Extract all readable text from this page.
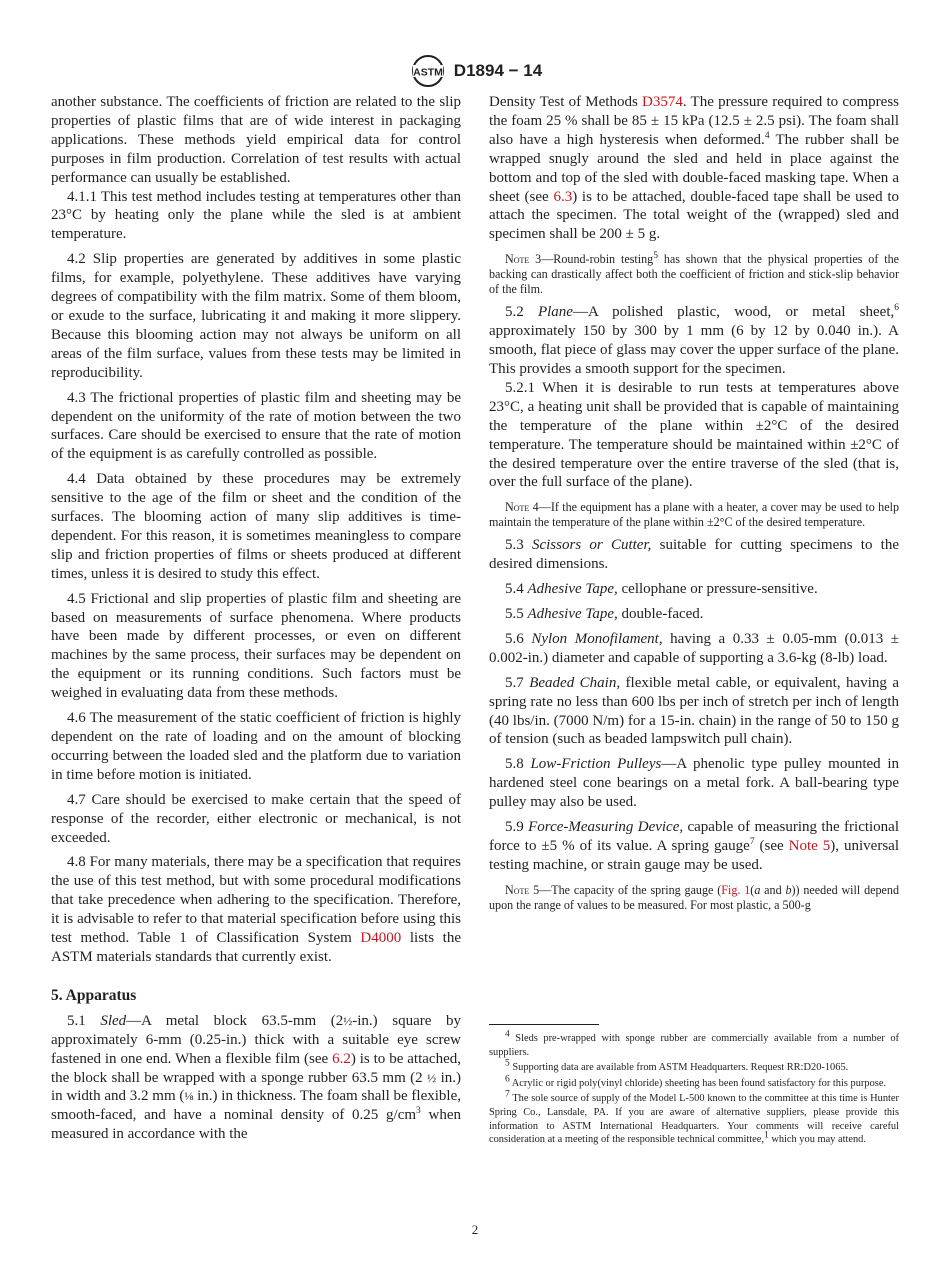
ASTM D1894 − 14

another substance. The coefficients of friction are related to the slip properties of plastic films that are of wide interest in packaging applications. These methods yield empirical data for control purposes in film production. Correlation of test results with actual performance can usually be established.

4.1.1 This test method includes testing at temperatures other than 23°C by heating only the plane while the sled is at ambient temperature.

4.2 Slip properties are generated by additives in some plastic films, for example, polyethylene. These additives have varying degrees of compatibility with the film matrix. Some of them bloom, or exude to the surface, lubricating it and making it more slippery. Because this blooming action may not always be uniform on all areas of the film surface, values from these tests may be limited in reproducibility.

4.3 The frictional properties of plastic film and sheeting may be dependent on the uniformity of the rate of motion between the two surfaces. Care should be exercised to ensure that the rate of motion of the equipment is as carefully controlled as possible.

4.4 Data obtained by these procedures may be extremely sensitive to the age of the film or sheet and the condition of the surfaces. The blooming action of many slip additives is time-dependent. For this reason, it is sometimes meaningless to compare slip and friction properties of films or sheets produced at different times, unless it is desired to study this effect.

4.5 Frictional and slip properties of plastic film and sheeting are based on measurements of surface phenomena. Where products have been made by different processes, or even on different machines by the same process, their surfaces may be dependent on the equipment or its running conditions. Such factors must be weighed in evaluating data from these methods.

4.6 The measurement of the static coefficient of friction is highly dependent on the rate of loading and on the amount of blocking occurring between the loaded sled and the platform due to variation in time before motion is initiated.

4.7 Care should be exercised to make certain that the speed of response of the recorder, either electronic or mechanical, is not exceeded.

4.8 For many materials, there may be a specification that requires the use of this test method, but with some procedural modifications that take precedence when adhering to the specification. Therefore, it is advisable to refer to that material specification before using this test method. Table 1 of Classification System D4000 lists the ASTM materials standards that currently exist.

5. Apparatus

5.1 Sled—A metal block 63.5-mm (2½-in.) square by approximately 6-mm (0.25-in.) thick with a suitable eye screw fastened in one end. When a flexible film (see 6.2) is to be attached, the block shall be wrapped with a sponge rubber 63.5 mm (2 ½ in.) in width and 3.2 mm (⅛ in.) in thickness. The foam shall be flexible, smooth-faced, and have a nominal density of 0.25 $g/cm^3$ when measured in accordance with the

Density Test of Methods D3574. The pressure required to compress the foam 25 % shall be 85 ± 15 kPa (12.5 ± 2.5 psi). The foam shall also have a high hysteresis when deformed.$^4$ The rubber shall be wrapped snugly around the sled and held in place against the bottom and top of the sled with double-faced masking tape. When a sheet (see 6.3) is to be attached, double-faced tape shall be used to attach the specimen. The total weight of the (wrapped) sled and specimen shall be 200 ± 5 g.

Note 3—Round-robin testing$^5$ has shown that the physical properties of the backing can drastically affect both the coefficient of friction and stick-slip behavior of the film.

5.2 Plane—A polished plastic, wood, or metal sheet,$^6$ approximately 150 by 300 by 1 mm (6 by 12 by 0.040 in.). A smooth, flat piece of glass may cover the upper surface of the plane. This provides a smooth support for the specimen.

5.2.1 When it is desirable to run tests at temperatures above 23°C, a heating unit shall be provided that is capable of maintaining the temperature of the plane within ±2°C of the desired temperature. The temperature should be maintained within ±2°C of the desired temperature over the entire traverse of the sled (that is, over the full surface of the plane).

Note 4—If the equipment has a plane with a heater, a cover may be used to help maintain the temperature of the plane within ±2°C of the desired temperature.

5.3 Scissors or Cutter, suitable for cutting specimens to the desired dimensions.

5.4 Adhesive Tape, cellophane or pressure-sensitive.

5.5 Adhesive Tape, double-faced.

5.6 Nylon Monofilament, having a 0.33 ± 0.05-mm (0.013 ± 0.002-in.) diameter and capable of supporting a 3.6-kg (8-lb) load.

5.7 Beaded Chain, flexible metal cable, or equivalent, having a spring rate no less than 600 lbs per inch of stretch per inch of length (40 lbs/in. (7000 N/m) for a 15-in. chain) in the range of 50 to 150 g of tension (such as beaded lampswitch pull chain).

5.8 Low-Friction Pulleys—A phenolic type pulley mounted in hardened steel cone bearings on a metal fork. A ball-bearing type pulley may also be used.

5.9 Force-Measuring Device, capable of measuring the frictional force to ±5 % of its value. A spring gauge$^7$ (see Note 5), universal testing machine, or strain gauge may be used.

Note 5—The capacity of the spring gauge (Fig. 1(a and b)) needed will depend upon the range of values to be measured. For most plastic, a 500-g

$^4$ Sleds pre-wrapped with sponge rubber are commercially available from a number of suppliers.

$^5$ Supporting data are available from ASTM Headquarters. Request RR:D20-1065.

$^6$ Acrylic or rigid poly(vinyl chloride) sheeting has been found satisfactory for this purpose.

$^7$ The sole source of supply of the Model L-500 known to the committee at this time is Hunter Spring Co., Lansdale, PA. If you are aware of alternative suppliers, please provide this information to ASTM International Headquarters. Your comments will receive careful consideration at a meeting of the responsible technical committee,$^1$ which you may attend.

2
